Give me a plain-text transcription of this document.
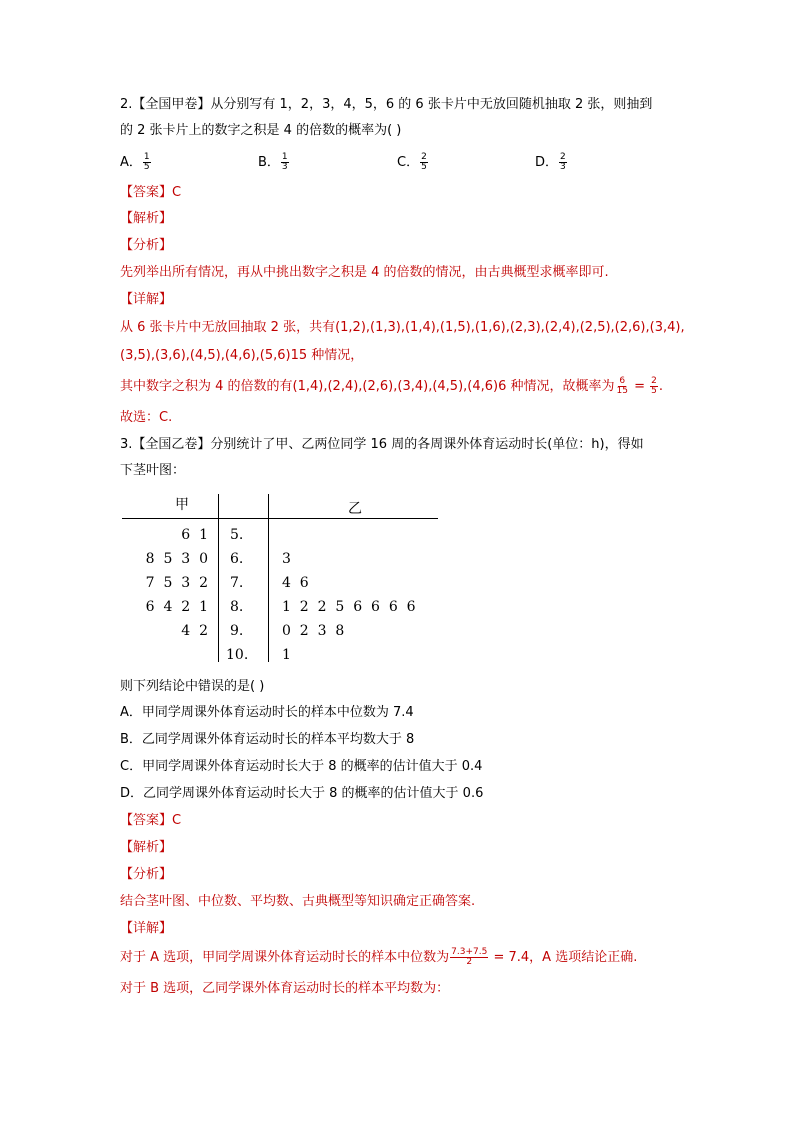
2.【全国甲卷】从分别写有 1，2，3，4，5，6 的 6 张卡片中无放回随机抽取 2 张，则抽到
的 2 张卡片上的数字之积是 4 的倍数的概率为( )
A． $\frac{1}{5}$	B． $\frac{1}{3}$	C． $\frac{2}{5}$	D． $\frac{2}{3}$
【答案】C
【解析】
【分析】
先列举出所有情况，再从中挑出数字之积是 4 的倍数的情况，由古典概型求概率即可.
【详解】
从 6 张卡片中无放回抽取 2 张，共有(1,2),(1,3),(1,4),(1,5),(1,6),(2,3),(2,4),(2,5),(2,6),(3,4),
(3,5),(3,6),(4,5),(4,6),(5,6)15 种情况，
其中数字之积为 4 的倍数的有(1,4),(2,4),(2,6),(3,4),(4,5),(4,6)6 种情况，故概率为 $\frac{6}{15} = \frac{2}{5}$ .
故选：C.
3.【全国乙卷】分别统计了甲、乙两位同学 16 周的各周课外体育运动时长(单位：h)，得如
下茎叶图：
甲	乙
6  1 5.
8  5  3  0 6.	3
7  5  3  2 7.	4  6
6  4  2  1 8.	1  2  2  5  6  6  6  6
4  2 9.	0  2  3  8
10. 1
则下列结论中错误的是( )
A．甲同学周课外体育运动时长的样本中位数为 7.4
B．乙同学周课外体育运动时长的样本平均数大于 8
C．甲同学周课外体育运动时长大于 8 的概率的估计值大于 0.4
D．乙同学周课外体育运动时长大于 8 的概率的估计值大于 0.6
【答案】C
【解析】
【分析】
结合茎叶图、中位数、平均数、古典概型等知识确定正确答案.
【详解】
对于 A 选项，甲同学周课外体育运动时长的样本中位数为 $\frac{7.3+7.5}{2} = 7.4$，A 选项结论正确.
对于 B 选项，乙同学课外体育运动时长的样本平均数为：
